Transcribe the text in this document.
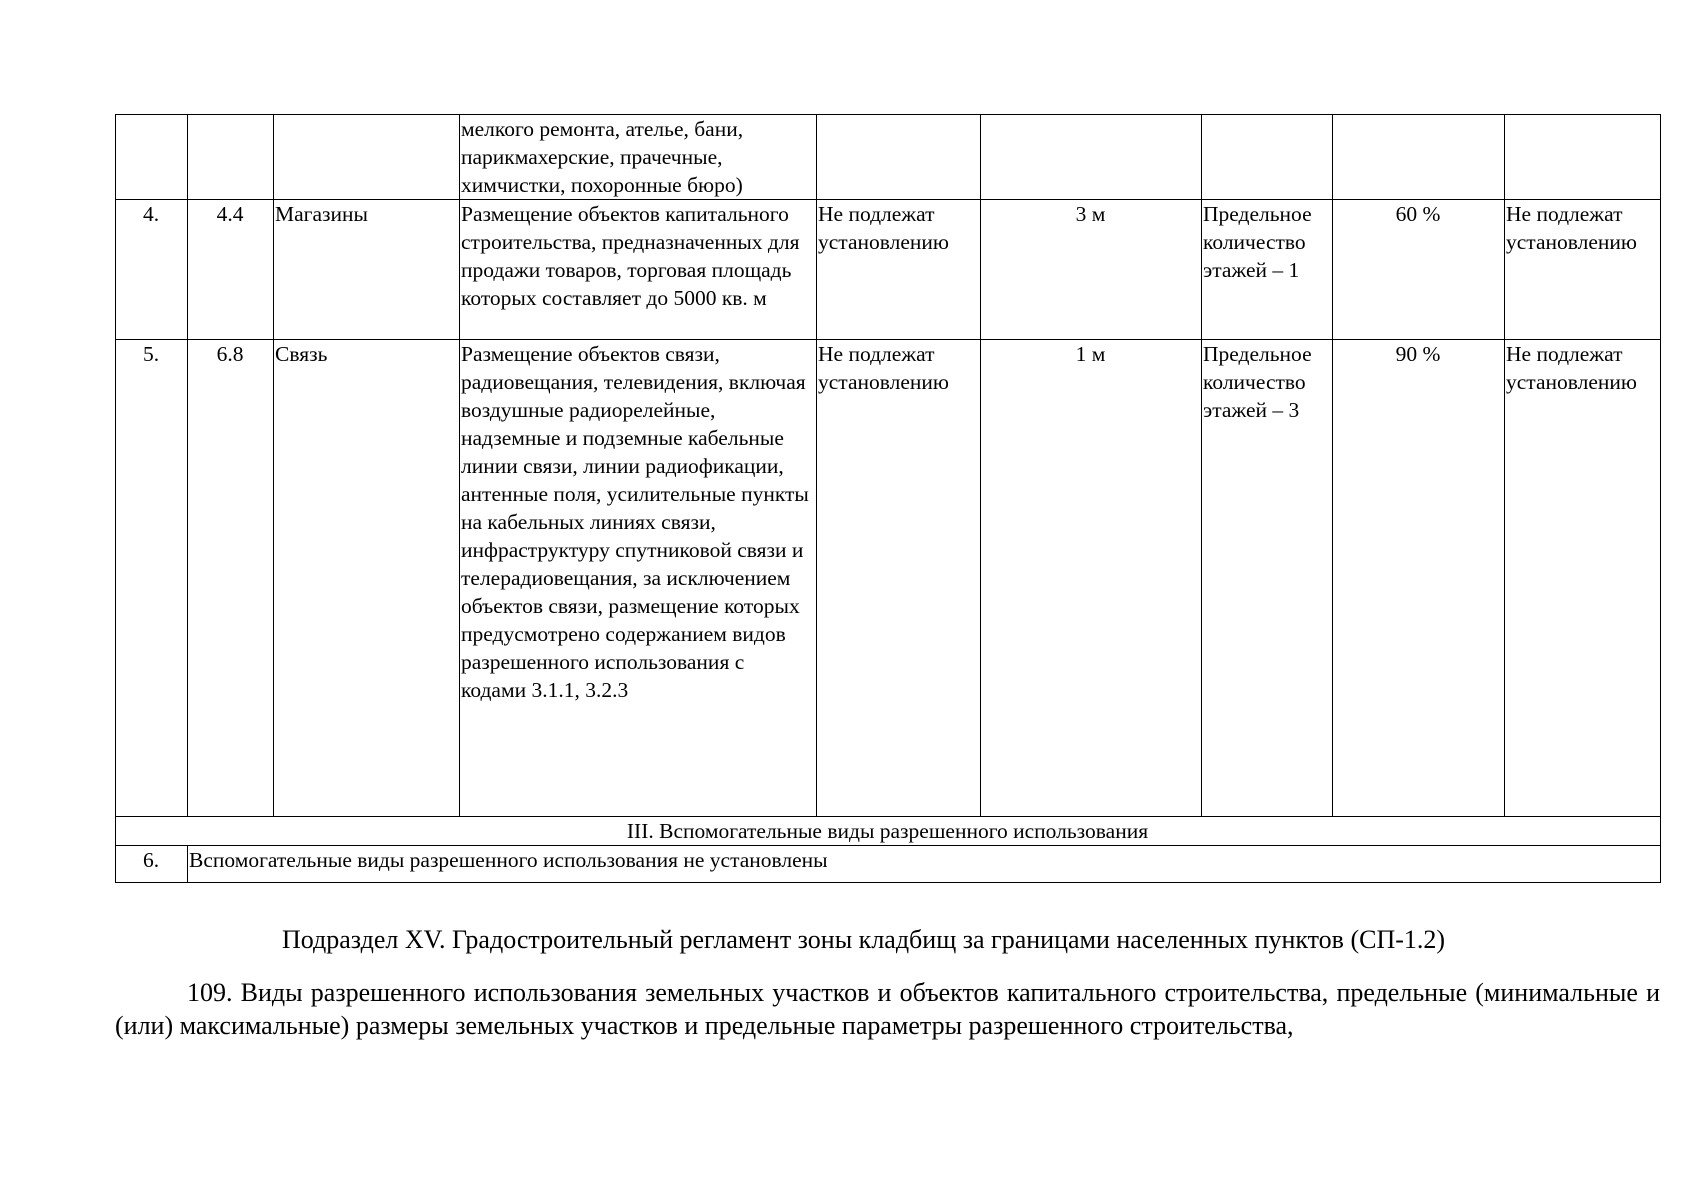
			мелкого ремонта, ателье, бани, парикмахерские, прачечные, химчистки, похоронные бюро)					

4.	4.4	Магазины	Размещение объектов капитального строительства, предназначенных для продажи товаров, торговая площадь которых составляет до 5000 кв. м	Не подлежат установлению	3 м	Предельное количество этажей – 1	60 %	Не подлежат установлению
5.	6.8	Связь	Размещение объектов связи, радиовещания, телевидения, включая воздушные радиорелейные, надземные и подземные кабельные линии связи, линии радиофикации, антенные поля, усилительные пункты на кабельных линиях связи, инфраструктуру спутниковой связи и телерадиовещания, за исключением объектов связи, размещение которых предусмотрено содержанием видов разрешенного использования с кодами 3.1.1, 3.2.3	Не подлежат установлению	1 м	Предельное количество этажей – 3	90 %	Не подлежат установлению
III. Вспомогательные виды разрешенного использования								
6.	Вспомогательные виды разрешенного использования не установлены							
Подраздел XV. Градостроительный регламент зоны кладбищ за границами населенных пунктов (СП-1.2)
109. Виды разрешенного использования земельных участков и объектов капитального строительства, предельные (минимальные и (или) максимальные) размеры земельных участков и предельные параметры разрешенного строительства,
